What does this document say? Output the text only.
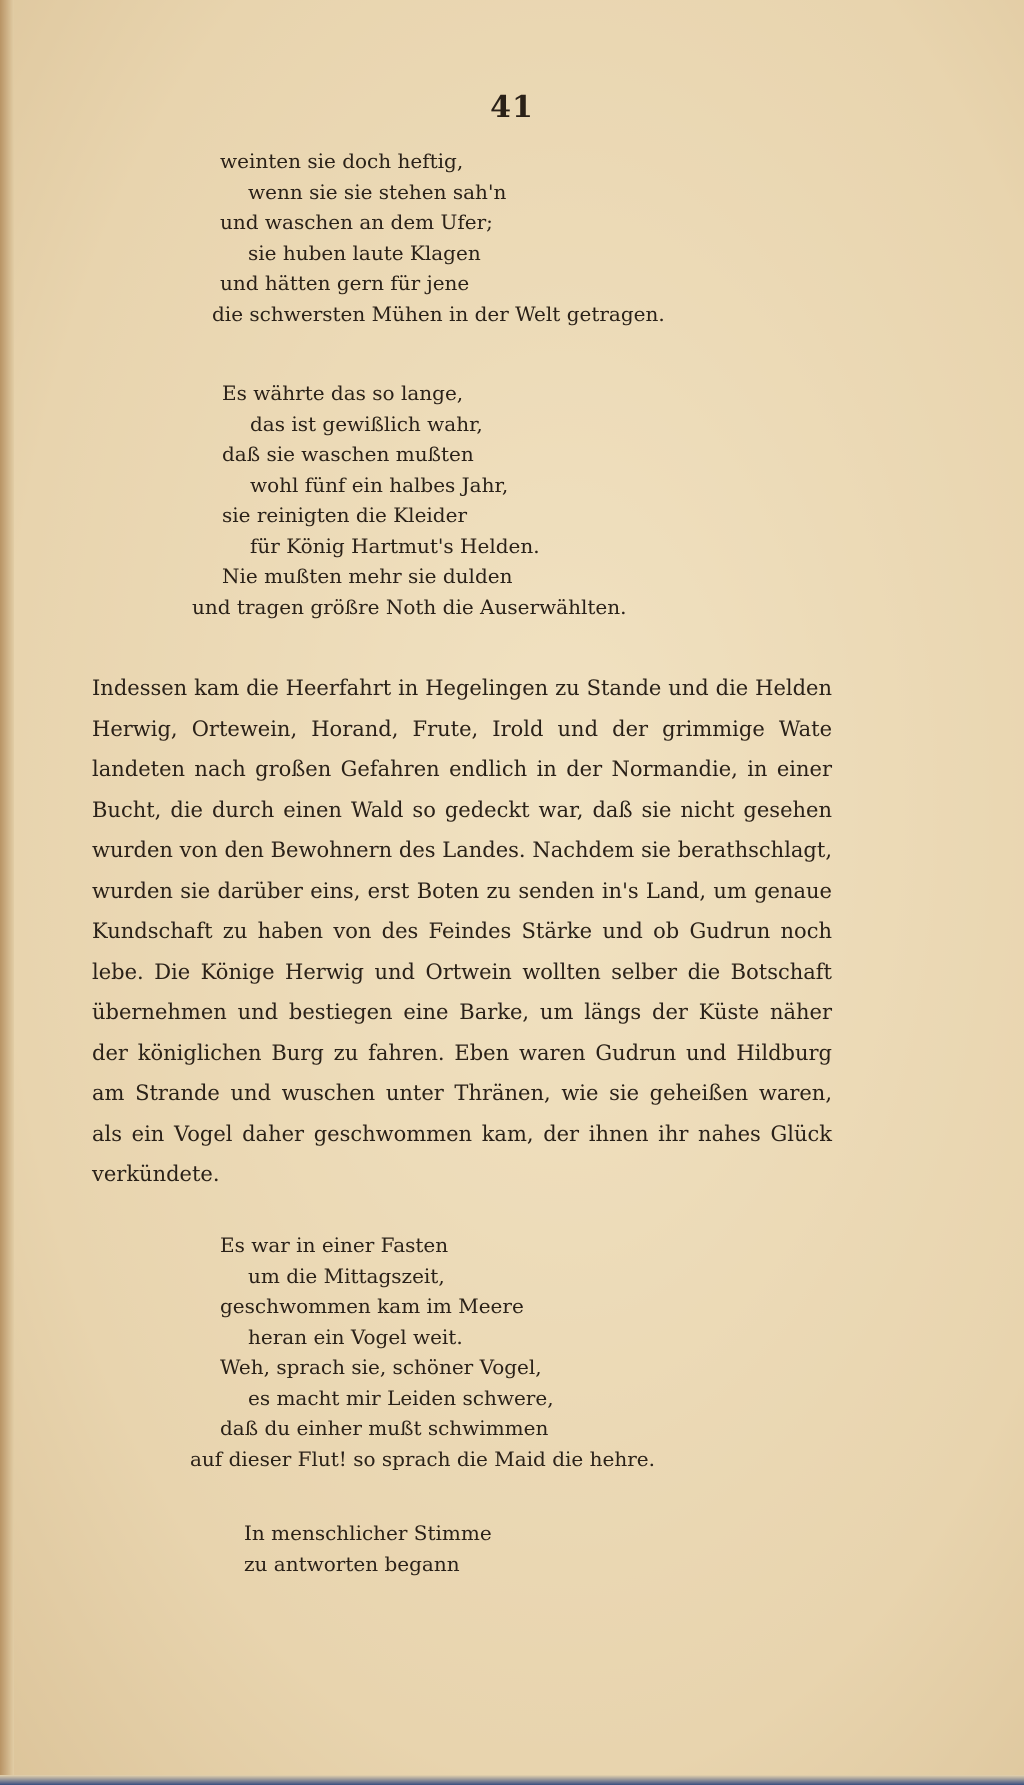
41
weinten sie doch heftig,
wenn sie sie stehen sah'n
und waschen an dem Ufer;
sie huben laute Klagen
und hätten gern für jene
die schwersten Mühen in der Welt getragen.
Es währte das so lange,
das ist gewißlich wahr,
daß sie waschen mußten
wohl fünf ein halbes Jahr,
sie reinigten die Kleider
für König Hartmut's Helden.
Nie mußten mehr sie dulden
und tragen größre Noth die Auserwählten.

Indessen kam die Heerfahrt in Hegelingen zu Stande und die Helden Herwig, Ortewein, Horand, Frute, Irold und der grimmige Wate landeten nach großen Gefahren endlich in der Normandie, in einer Bucht, die durch einen Wald so gedeckt war, daß sie nicht gesehen wurden von den Bewohnern des Landes. Nachdem sie berathschlagt, wurden sie darüber eins, erst Boten zu senden in's Land, um genaue Kundschaft zu haben von des Feindes Stärke und ob Gudrun noch lebe. Die Könige Herwig und Ortwein wollten selber die Botschaft übernehmen und bestiegen eine Barke, um längs der Küste näher der königlichen Burg zu fahren. Eben waren Gudrun und Hildburg am Strande und wuschen unter Thränen, wie sie geheißen waren, als ein Vogel daher geschwommen kam, der ihnen ihr nahes Glück verkündete.

Es war in einer Fasten
um die Mittagszeit,
geschwommen kam im Meere
heran ein Vogel weit.
Weh, sprach sie, schöner Vogel,
es macht mir Leiden schwere,
daß du einher mußt schwimmen
auf dieser Flut! so sprach die Maid die hehre.
In menschlicher Stimme
zu antworten begann
